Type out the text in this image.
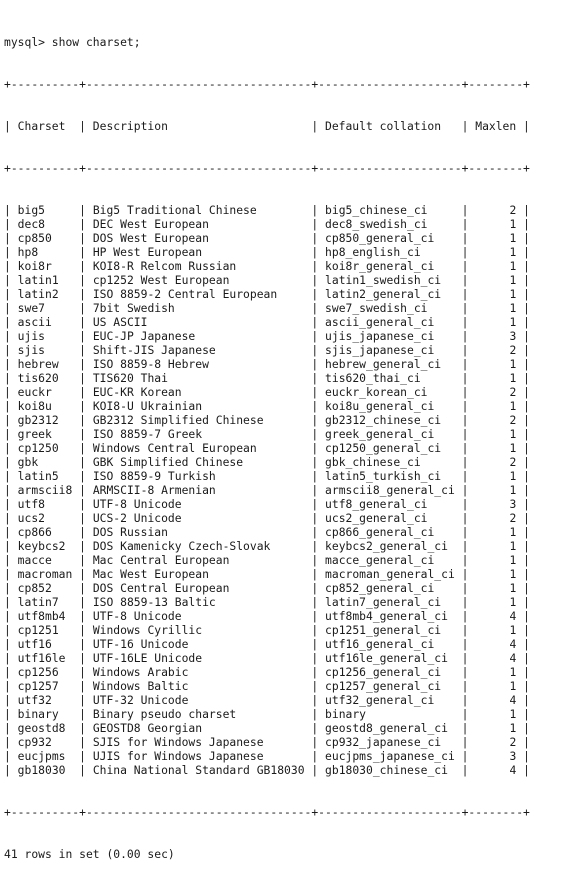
mysql> show charset;

+----------+---------------------------------+---------------------+--------+

| Charset  | Description                     | Default collation   | Maxlen |

+----------+---------------------------------+---------------------+--------+

| big5     | Big5 Traditional Chinese        | big5_chinese_ci     |      2 |
| dec8     | DEC West European               | dec8_swedish_ci     |      1 |
| cp850    | DOS West European               | cp850_general_ci    |      1 |
| hp8      | HP West European                | hp8_english_ci      |      1 |
| koi8r    | KOI8-R Relcom Russian           | koi8r_general_ci    |      1 |
| latin1   | cp1252 West European            | latin1_swedish_ci   |      1 |
| latin2   | ISO 8859-2 Central European     | latin2_general_ci   |      1 |
| swe7     | 7bit Swedish                    | swe7_swedish_ci     |      1 |
| ascii    | US ASCII                        | ascii_general_ci    |      1 |
| ujis     | EUC-JP Japanese                 | ujis_japanese_ci    |      3 |
| sjis     | Shift-JIS Japanese              | sjis_japanese_ci    |      2 |
| hebrew   | ISO 8859-8 Hebrew               | hebrew_general_ci   |      1 |
| tis620   | TIS620 Thai                     | tis620_thai_ci      |      1 |
| euckr    | EUC-KR Korean                   | euckr_korean_ci     |      2 |
| koi8u    | KOI8-U Ukrainian                | koi8u_general_ci    |      1 |
| gb2312   | GB2312 Simplified Chinese       | gb2312_chinese_ci   |      2 |
| greek    | ISO 8859-7 Greek                | greek_general_ci    |      1 |
| cp1250   | Windows Central European        | cp1250_general_ci   |      1 |
| gbk      | GBK Simplified Chinese          | gbk_chinese_ci      |      2 |
| latin5   | ISO 8859-9 Turkish              | latin5_turkish_ci   |      1 |
| armscii8 | ARMSCII-8 Armenian              | armscii8_general_ci |      1 |
| utf8     | UTF-8 Unicode                   | utf8_general_ci     |      3 |
| ucs2     | UCS-2 Unicode                   | ucs2_general_ci     |      2 |
| cp866    | DOS Russian                     | cp866_general_ci    |      1 |
| keybcs2  | DOS Kamenicky Czech-Slovak      | keybcs2_general_ci  |      1 |
| macce    | Mac Central European            | macce_general_ci    |      1 |
| macroman | Mac West European               | macroman_general_ci |      1 |
| cp852    | DOS Central European            | cp852_general_ci    |      1 |
| latin7   | ISO 8859-13 Baltic              | latin7_general_ci   |      1 |
| utf8mb4  | UTF-8 Unicode                   | utf8mb4_general_ci  |      4 |
| cp1251   | Windows Cyrillic                | cp1251_general_ci   |      1 |
| utf16    | UTF-16 Unicode                  | utf16_general_ci    |      4 |
| utf16le  | UTF-16LE Unicode                | utf16le_general_ci  |      4 |
| cp1256   | Windows Arabic                  | cp1256_general_ci   |      1 |
| cp1257   | Windows Baltic                  | cp1257_general_ci   |      1 |
| utf32    | UTF-32 Unicode                  | utf32_general_ci    |      4 |
| binary   | Binary pseudo charset           | binary              |      1 |
| geostd8  | GEOSTD8 Georgian                | geostd8_general_ci  |      1 |
| cp932    | SJIS for Windows Japanese       | cp932_japanese_ci   |      2 |
| eucjpms  | UJIS for Windows Japanese       | eucjpms_japanese_ci |      3 |
| gb18030  | China National Standard GB18030 | gb18030_chinese_ci  |      4 |

+----------+---------------------------------+---------------------+--------+

41 rows in set (0.00 sec)
